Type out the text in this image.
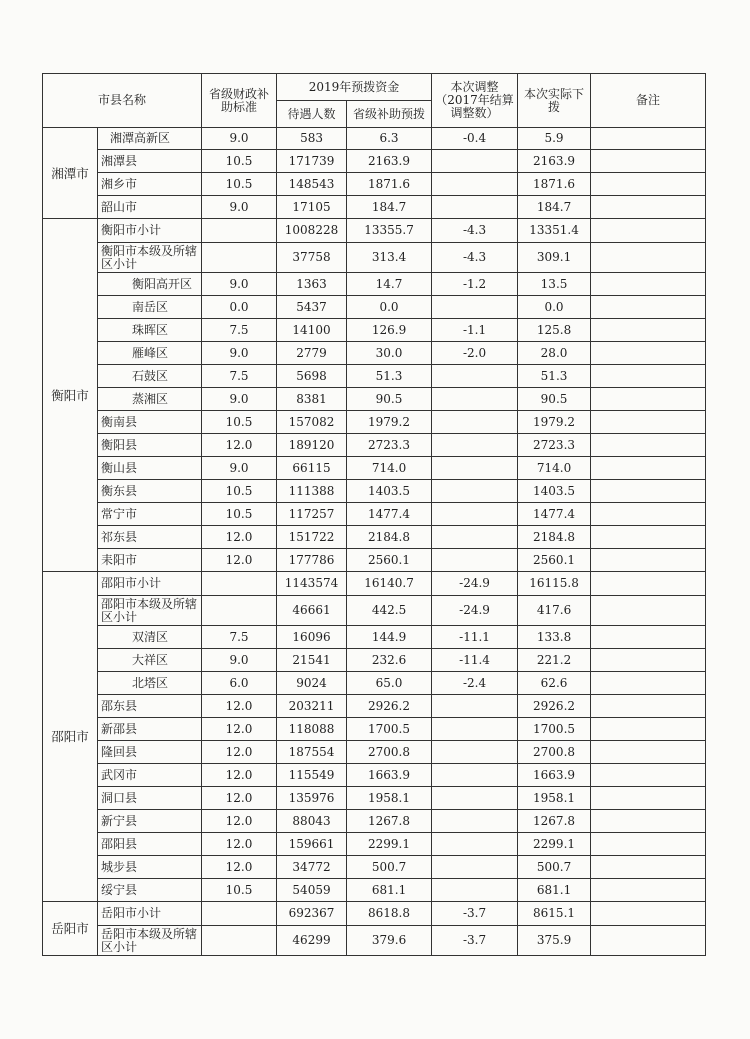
市县名称		省级财政补助标准	2019年预拨资金		本次调整（2017年结算调整数）	本次实际下拨	备注
			待遇人数	省级补助预拨			
湘潭市	湘潭高新区	9.0	583	6.3	-0.4	5.9	
	湘潭县	10.5	171739	2163.9		2163.9	
	湘乡市	10.5	148543	1871.6		1871.6	
	韶山市	9.0	17105	184.7		184.7	
衡阳市	衡阳市小计		1008228	13355.7	-4.3	13351.4	
	衡阳市本级及所辖区小计		37758	313.4	-4.3	309.1	
	衡阳高开区	9.0	1363	14.7	-1.2	13.5	
	南岳区	0.0	5437	0.0		0.0	
	珠晖区	7.5	14100	126.9	-1.1	125.8	
	雁峰区	9.0	2779	30.0	-2.0	28.0	
	石鼓区	7.5	5698	51.3		51.3	
	蒸湘区	9.0	8381	90.5		90.5	
	衡南县	10.5	157082	1979.2		1979.2	
	衡阳县	12.0	189120	2723.3		2723.3	
	衡山县	9.0	66115	714.0		714.0	
	衡东县	10.5	111388	1403.5		1403.5	
	常宁市	10.5	117257	1477.4		1477.4	
	祁东县	12.0	151722	2184.8		2184.8	
	耒阳市	12.0	177786	2560.1		2560.1	
邵阳市	邵阳市小计		1143574	16140.7	-24.9	16115.8	
	邵阳市本级及所辖区小计		46661	442.5	-24.9	417.6	
	双清区	7.5	16096	144.9	-11.1	133.8	
	大祥区	9.0	21541	232.6	-11.4	221.2	
	北塔区	6.0	9024	65.0	-2.4	62.6	
	邵东县	12.0	203211	2926.2		2926.2	
	新邵县	12.0	118088	1700.5		1700.5	
	隆回县	12.0	187554	2700.8		2700.8	
	武冈市	12.0	115549	1663.9		1663.9	
	洞口县	12.0	135976	1958.1		1958.1	
	新宁县	12.0	88043	1267.8		1267.8	
	邵阳县	12.0	159661	2299.1		2299.1	
	城步县	12.0	34772	500.7		500.7	
	绥宁县	10.5	54059	681.1		681.1	
岳阳市	岳阳市小计		692367	8618.8	-3.7	8615.1	
	岳阳市本级及所辖区小计		46299	379.6	-3.7	375.9	
